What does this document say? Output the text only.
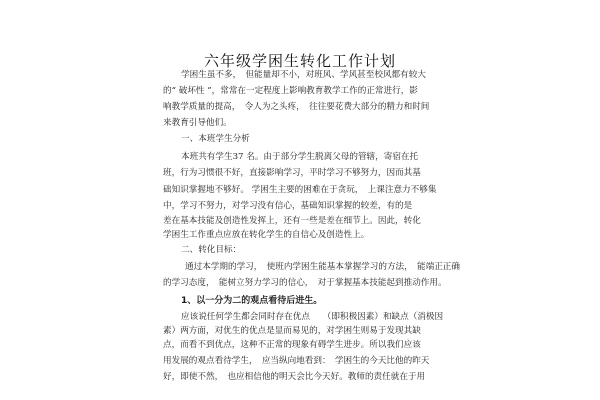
六年级学困生转化工作计划
学困生虽不多，　但能量却不小，对班风、学风甚至校风都有较大
的“ 破坏性 ”，常常在一定程度上影响教育教学工作的正常进行，影
响教学质量的提高，　令人为之头疼，　往往要花费大部分的精力和时间
来教育引导他们。
一、本班学生分析
本班共有学生37 名。由于部分学生脱离父母的管辖，寄宿在托
班，行为习惯很不好，直接影响学习，平时学习不够努力，因而其基
础知识掌握地不够好。 学困生主要的困难在于贪玩，　上课注意力不够集
中，学习不努力，对学习没有信心，基础知识掌握的较差，有的是
差在基本技能及创造性发挥上，还有一些是差在细节上。因此，转化
学困生工作重点应放在转化学生的自信心及创造性上。
二、转化目标：
通过本学期的学习，　使班内学困生能基本掌握学习的方法，　能端正正确
的学习态度，　能树立努力学习的信心，　对于掌握基本技能起到推动作用。
1、以一分为二的观点看待后进生。
应该说任何学生都会同时存在优点　　（即积极因素）和缺点（消极因
素）两方面，对优生的优点是显而易见的，对学困生则易于发现其缺
点，而看不到优点，这种不正常的现象有碍学生进步。所以我们应该
用发展的观点看待学生，　应当纵向地看到：　学困生的今天比他的昨天
好，即使不然，　也应相信他的明天会比今天好。教师的责任就在于用
